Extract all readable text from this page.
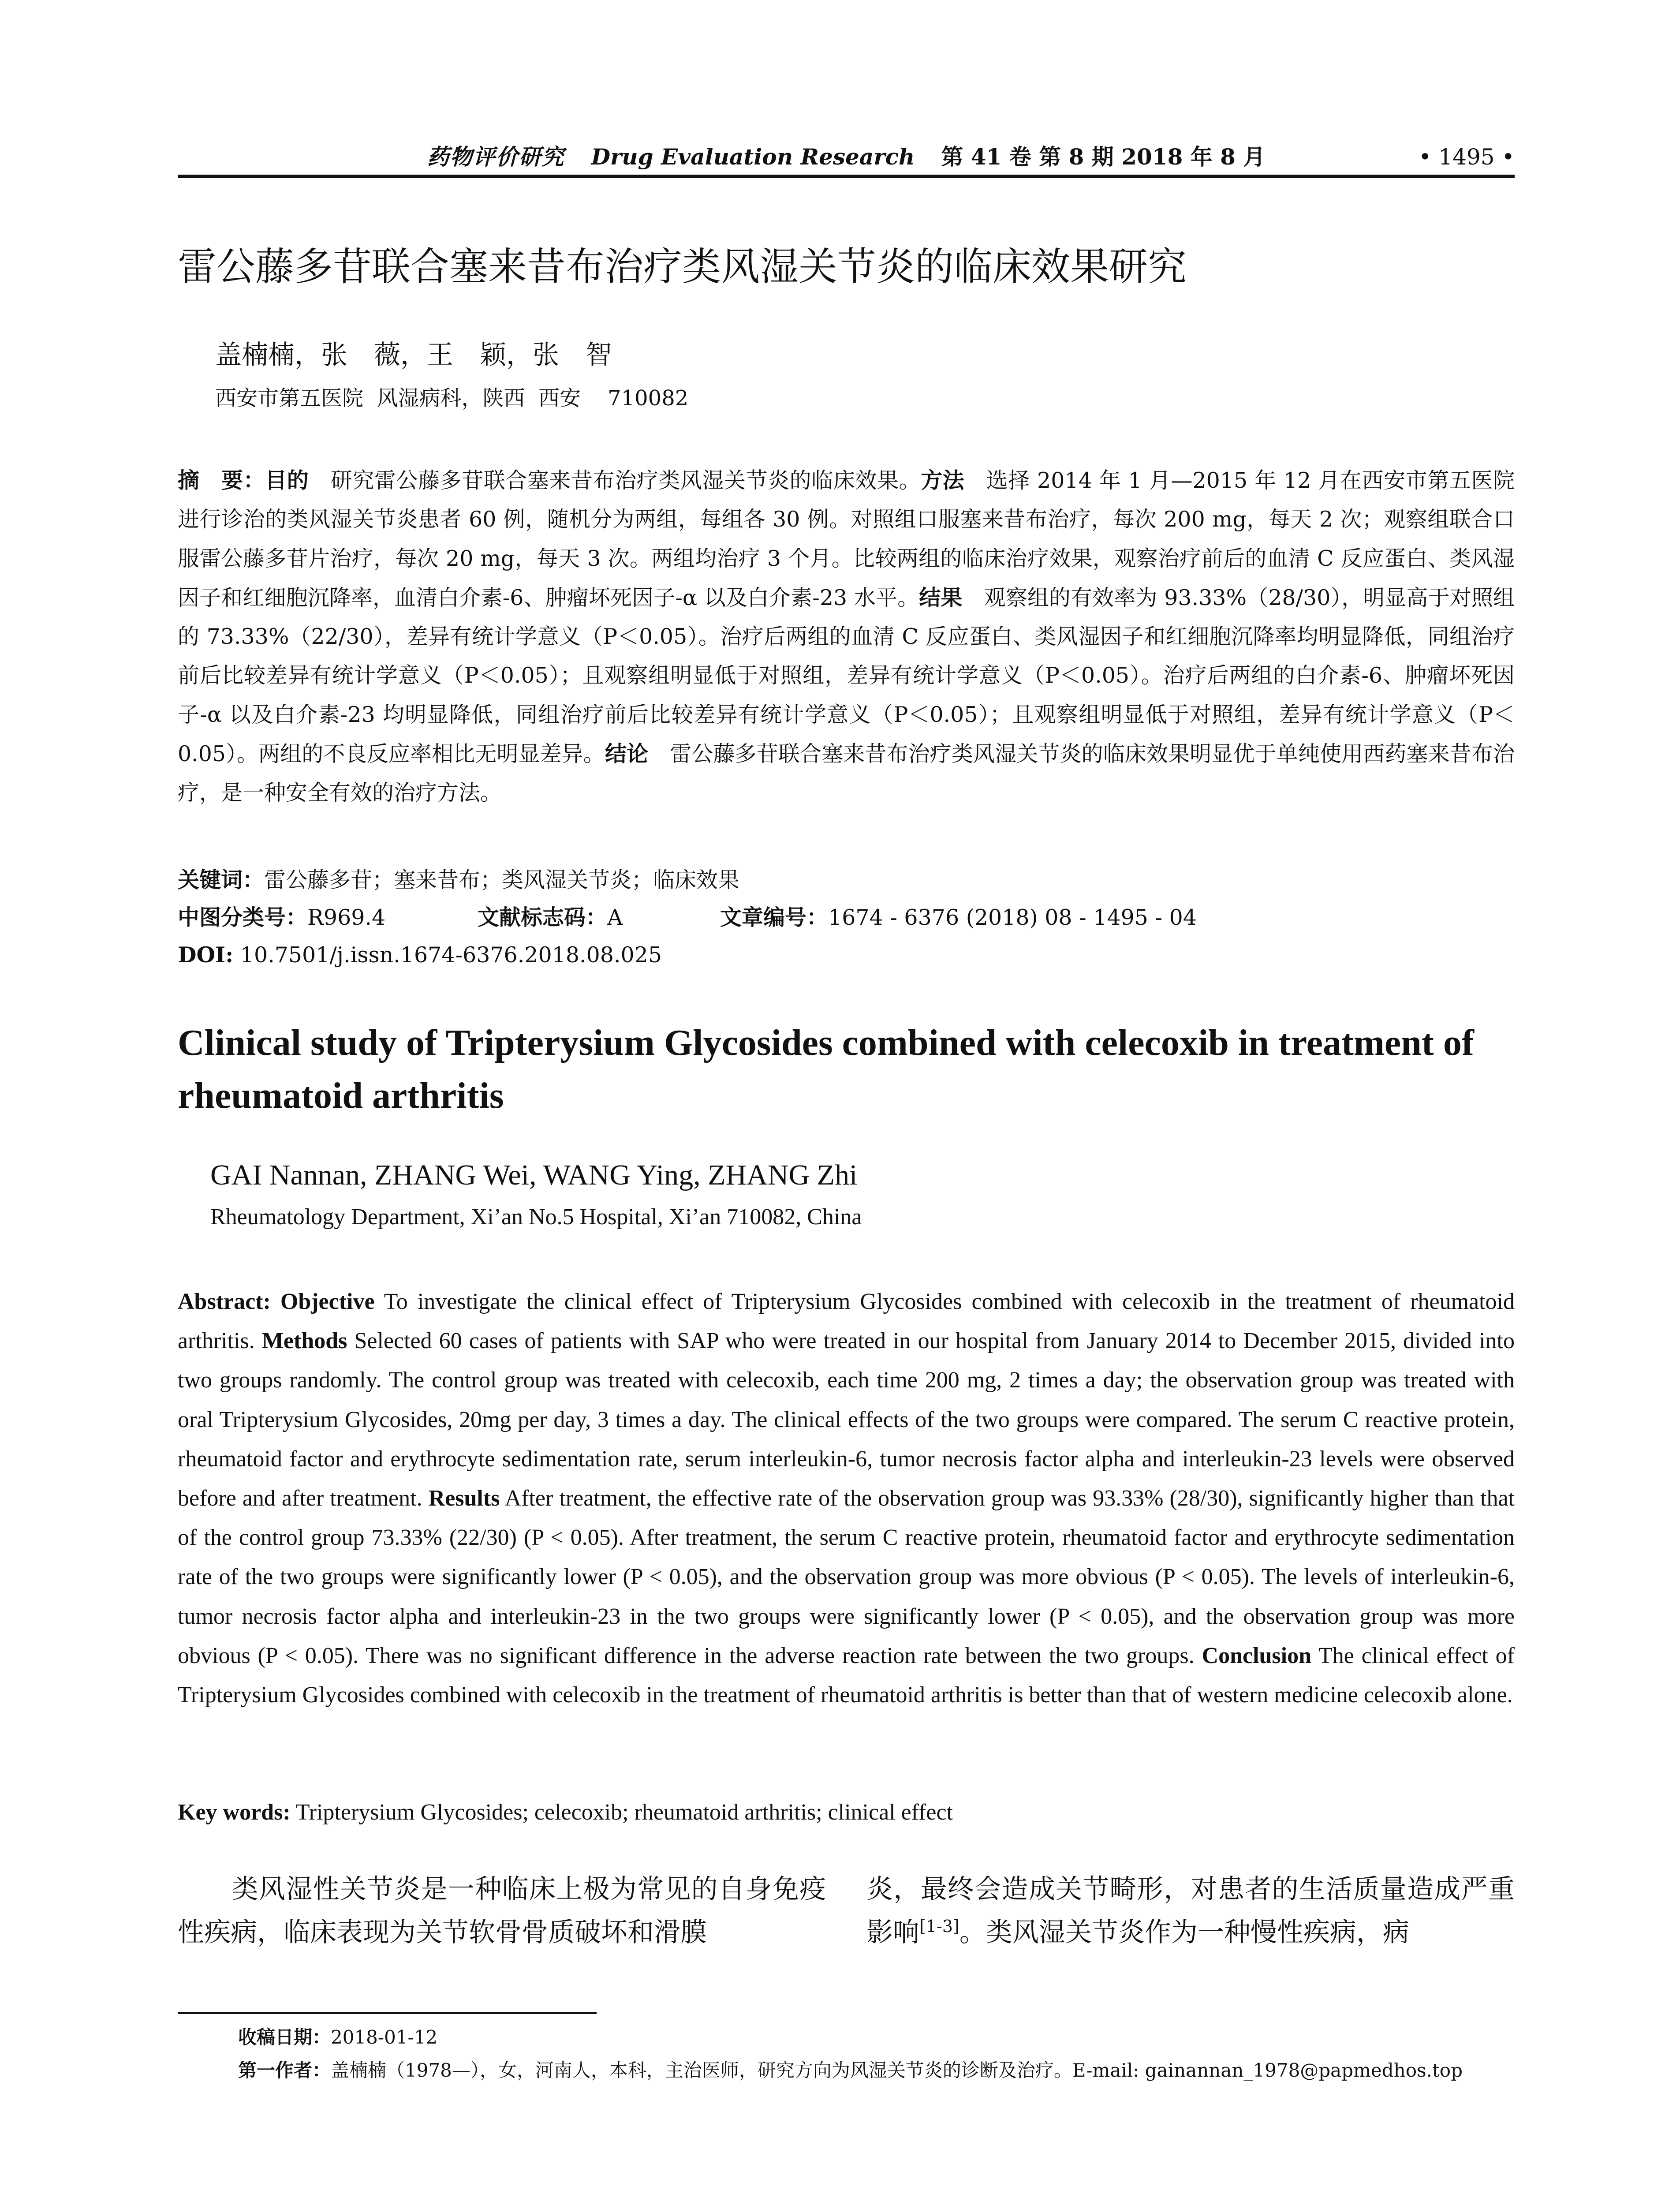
药物评价研究 Drug Evaluation Research 第 41 卷 第 8 期 2018 年 8 月	• 1495 •
雷公藤多苷联合塞来昔布治疗类风湿关节炎的临床效果研究
盖楠楠，张　薇，王　颖，张　智
西安市第五医院  风湿病科，陕西  西安    710082
摘　要：目的　研究雷公藤多苷联合塞来昔布治疗类风湿关节炎的临床效果。方法　选择 2014 年 1 月—2015 年 12 月在西安市第五医院进行诊治的类风湿关节炎患者 60 例，随机分为两组，每组各 30 例。对照组口服塞来昔布治疗，每次 200 mg，每天 2 次；观察组联合口服雷公藤多苷片治疗，每次 20 mg，每天 3 次。两组均治疗 3 个月。比较两组的临床治疗效果，观察治疗前后的血清 C 反应蛋白、类风湿因子和红细胞沉降率，血清白介素-6、肿瘤坏死因子-α 以及白介素-23 水平。结果　观察组的有效率为 93.33%（28/30），明显高于对照组的 73.33%（22/30），差异有统计学意义（P＜0.05）。治疗后两组的血清 C 反应蛋白、类风湿因子和红细胞沉降率均明显降低，同组治疗前后比较差异有统计学意义（P＜0.05）；且观察组明显低于对照组，差异有统计学意义（P＜0.05）。治疗后两组的白介素-6、肿瘤坏死因子-α 以及白介素-23 均明显降低，同组治疗前后比较差异有统计学意义（P＜0.05）；且观察组明显低于对照组，差异有统计学意义（P＜0.05）。两组的不良反应率相比无明显差异。结论　雷公藤多苷联合塞来昔布治疗类风湿关节炎的临床效果明显优于单纯使用西药塞来昔布治疗，是一种安全有效的治疗方法。
关键词：雷公藤多苷；塞来昔布；类风湿关节炎；临床效果
中图分类号：R969.4	文献标志码：A	文章编号：1674 - 6376 (2018) 08 - 1495 - 04
DOI: 10.7501/j.issn.1674-6376.2018.08.025
Clinical study of Tripterysium Glycosides combined with celecoxib in treatment of rheumatoid arthritis
GAI Nannan, ZHANG Wei, WANG Ying, ZHANG Zhi
Rheumatology Department, Xi’an No.5 Hospital, Xi’an 710082, China
Abstract: Objective To investigate the clinical effect of Tripterysium Glycosides combined with celecoxib in the treatment of rheumatoid arthritis. Methods Selected 60 cases of patients with SAP who were treated in our hospital from January 2014 to December 2015, divided into two groups randomly. The control group was treated with celecoxib, each time 200 mg, 2 times a day; the observation group was treated with oral Tripterysium Glycosides, 20mg per day, 3 times a day. The clinical effects of the two groups were compared. The serum C reactive protein, rheumatoid factor and erythrocyte sedimentation rate, serum interleukin-6, tumor necrosis factor alpha and interleukin-23 levels were observed before and after treatment. Results After treatment, the effective rate of the observation group was 93.33% (28/30), significantly higher than that of the control group 73.33% (22/30) (P < 0.05). After treatment, the serum C reactive protein, rheumatoid factor and erythrocyte sedimentation rate of the two groups were significantly lower (P < 0.05), and the observation group was more obvious (P < 0.05). The levels of interleukin-6, tumor necrosis factor alpha and interleukin-23 in the two groups were significantly lower (P < 0.05), and the observation group was more obvious (P < 0.05). There was no significant difference in the adverse reaction rate between the two groups. Conclusion The clinical effect of Tripterysium Glycosides combined with celecoxib in the treatment of rheumatoid arthritis is better than that of western medicine celecoxib alone.
Key words: Tripterysium Glycosides; celecoxib; rheumatoid arthritis; clinical effect
　　类风湿性关节炎是一种临床上极为常见的自身免疫性疾病，临床表现为关节软骨骨质破坏和滑膜
炎，最终会造成关节畸形，对患者的生活质量造成严重影响[1-3]。类风湿关节炎作为一种慢性疾病，病
收稿日期：2018-01-12
第一作者：盖楠楠（1978—），女，河南人，本科，主治医师，研究方向为风湿关节炎的诊断及治疗。E-mail: gainannan_1978@papmedhos.top
